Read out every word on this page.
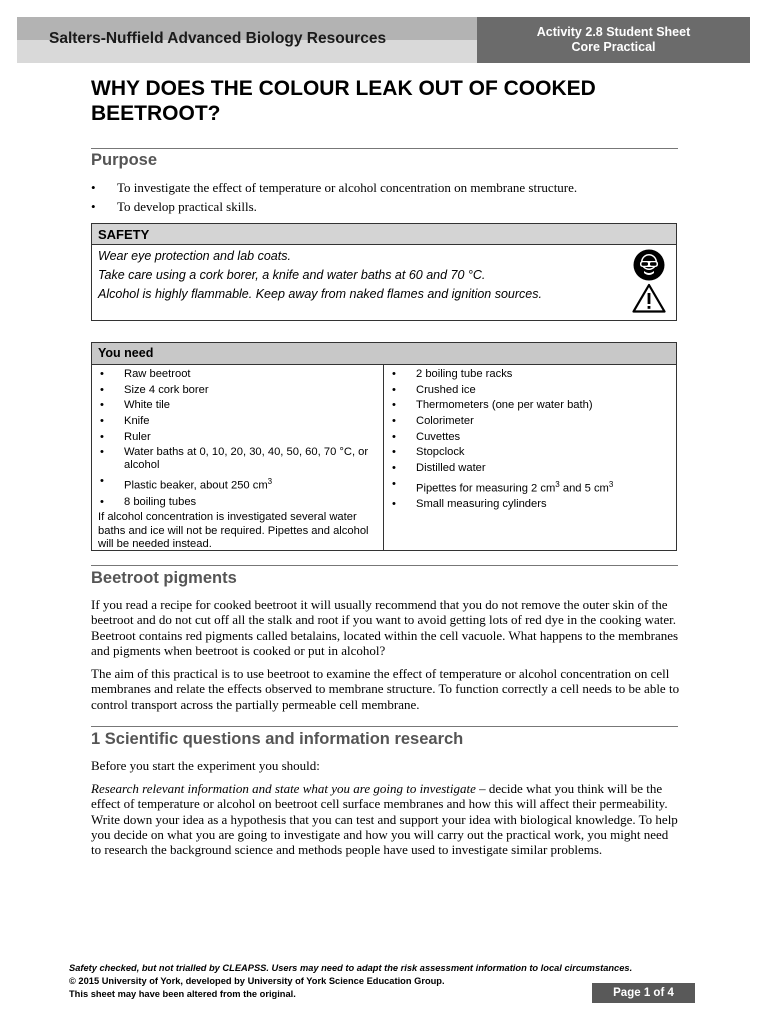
Salters-Nuffield Advanced Biology Resources	Activity 2.8 Student Sheet
Core Practical
WHY DOES THE COLOUR LEAK OUT OF COOKED BEETROOT?
Purpose
• To investigate the effect of temperature or alcohol concentration on membrane structure.
• To develop practical skills.
SAFETY
Wear eye protection and lab coats.
Take care using a cork borer, a knife and water baths at 60 and 70 °C.
Alcohol is highly flammable. Keep away from naked flames and ignition sources.
You need
• Raw beetroot
• Size 4 cork borer
• White tile
• Knife
• Ruler
• Water baths at 0, 10, 20, 30, 40, 50, 60, 70 °C, or alcohol
• Plastic beaker, about 250 $cm^3$
• 8 boiling tubes
If alcohol concentration is investigated several water baths and ice will not be required. Pipettes and alcohol will be needed instead.
• 2 boiling tube racks
• Crushed ice
• Thermometers (one per water bath)
• Colorimeter
• Cuvettes
• Stopclock
• Distilled water
• Pipettes for measuring 2 $cm^3$ and 5 $cm^3$
• Small measuring cylinders
Beetroot pigments

If you read a recipe for cooked beetroot it will usually recommend that you do not remove the outer skin of the beetroot and do not cut off all the stalk and root if you want to avoid getting lots of red dye in the cooking water. Beetroot contains red pigments called betalains, located within the cell vacuole. What happens to the membranes and pigments when beetroot is cooked or put in alcohol?

The aim of this practical is to use beetroot to examine the effect of temperature or alcohol concentration on cell membranes and relate the effects observed to membrane structure. To function correctly a cell needs to be able to control transport across the partially permeable cell membrane.

1 Scientific questions and information research

Before you start the experiment you should:

Research relevant information and state what you are going to investigate – decide what you think will be the effect of temperature or alcohol on beetroot cell surface membranes and how this will affect their permeability. Write down your idea as a hypothesis that you can test and support your idea with biological knowledge. To help you decide on what you are going to investigate and how you will carry out the practical work, you might need to research the background science and methods people have used to investigate similar problems.

Safety checked, but not trialled by CLEAPSS. Users may need to adapt the risk assessment information to local circumstances.
© 2015 University of York, developed by University of York Science Education Group.
This sheet may have been altered from the original.	Page 1 of 4
